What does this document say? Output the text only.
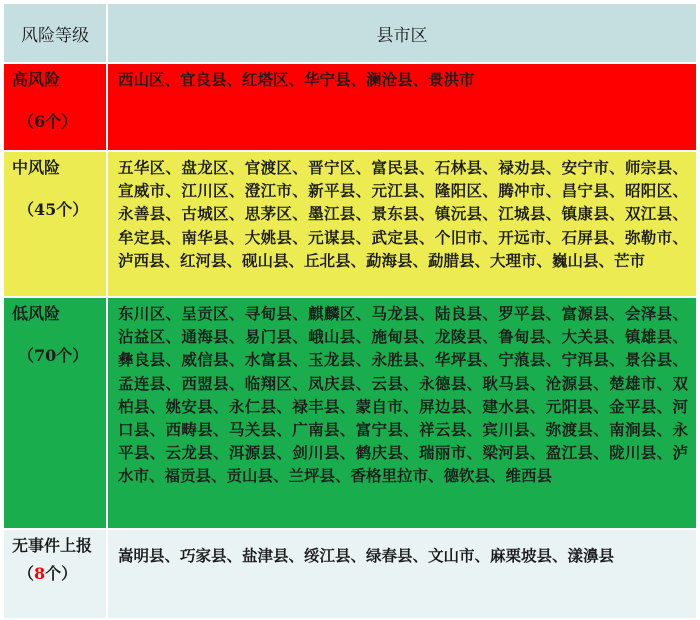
风险等级	县市区

高风险
（6个）	西山区、宜良县、红塔区、华宁县、澜沧县、景洪市

中风险
（45个）	五华区、盘龙区、官渡区、晋宁区、富民县、石林县、禄劝县、安宁市、师宗县、宣威市、江川区、澄江市、新平县、元江县、隆阳区、腾冲市、昌宁县、昭阳区、永善县、古城区、思茅区、墨江县、景东县、镇沅县、江城县、镇康县、双江县、牟定县、南华县、大姚县、元谋县、武定县、个旧市、开远市、石屏县、弥勒市、泸西县、红河县、砚山县、丘北县、勐海县、勐腊县、大理市、巍山县、芒市

低风险
（70个）	东川区、呈贡区、寻甸县、麒麟区、马龙县、陆良县、罗平县、富源县、会泽县、沾益区、通海县、易门县、峨山县、施甸县、龙陵县、鲁甸县、大关县、镇雄县、彝良县、威信县、水富县、玉龙县、永胜县、华坪县、宁蒗县、宁洱县、景谷县、孟连县、西盟县、临翔区、凤庆县、云县、永德县、耿马县、沧源县、楚雄市、双柏县、姚安县、永仁县、禄丰县、蒙自市、屏边县、建水县、元阳县、金平县、河口县、西畴县、马关县、广南县、富宁县、祥云县、宾川县、弥渡县、南涧县、永平县、云龙县、洱源县、剑川县、鹤庆县、瑞丽市、梁河县、盈江县、陇川县、泸水市、福贡县、贡山县、兰坪县、香格里拉市、德钦县、维西县

无事件上报
（8个）	嵩明县、巧家县、盐津县、绥江县、绿春县、文山市、麻栗坡县、漾濞县
